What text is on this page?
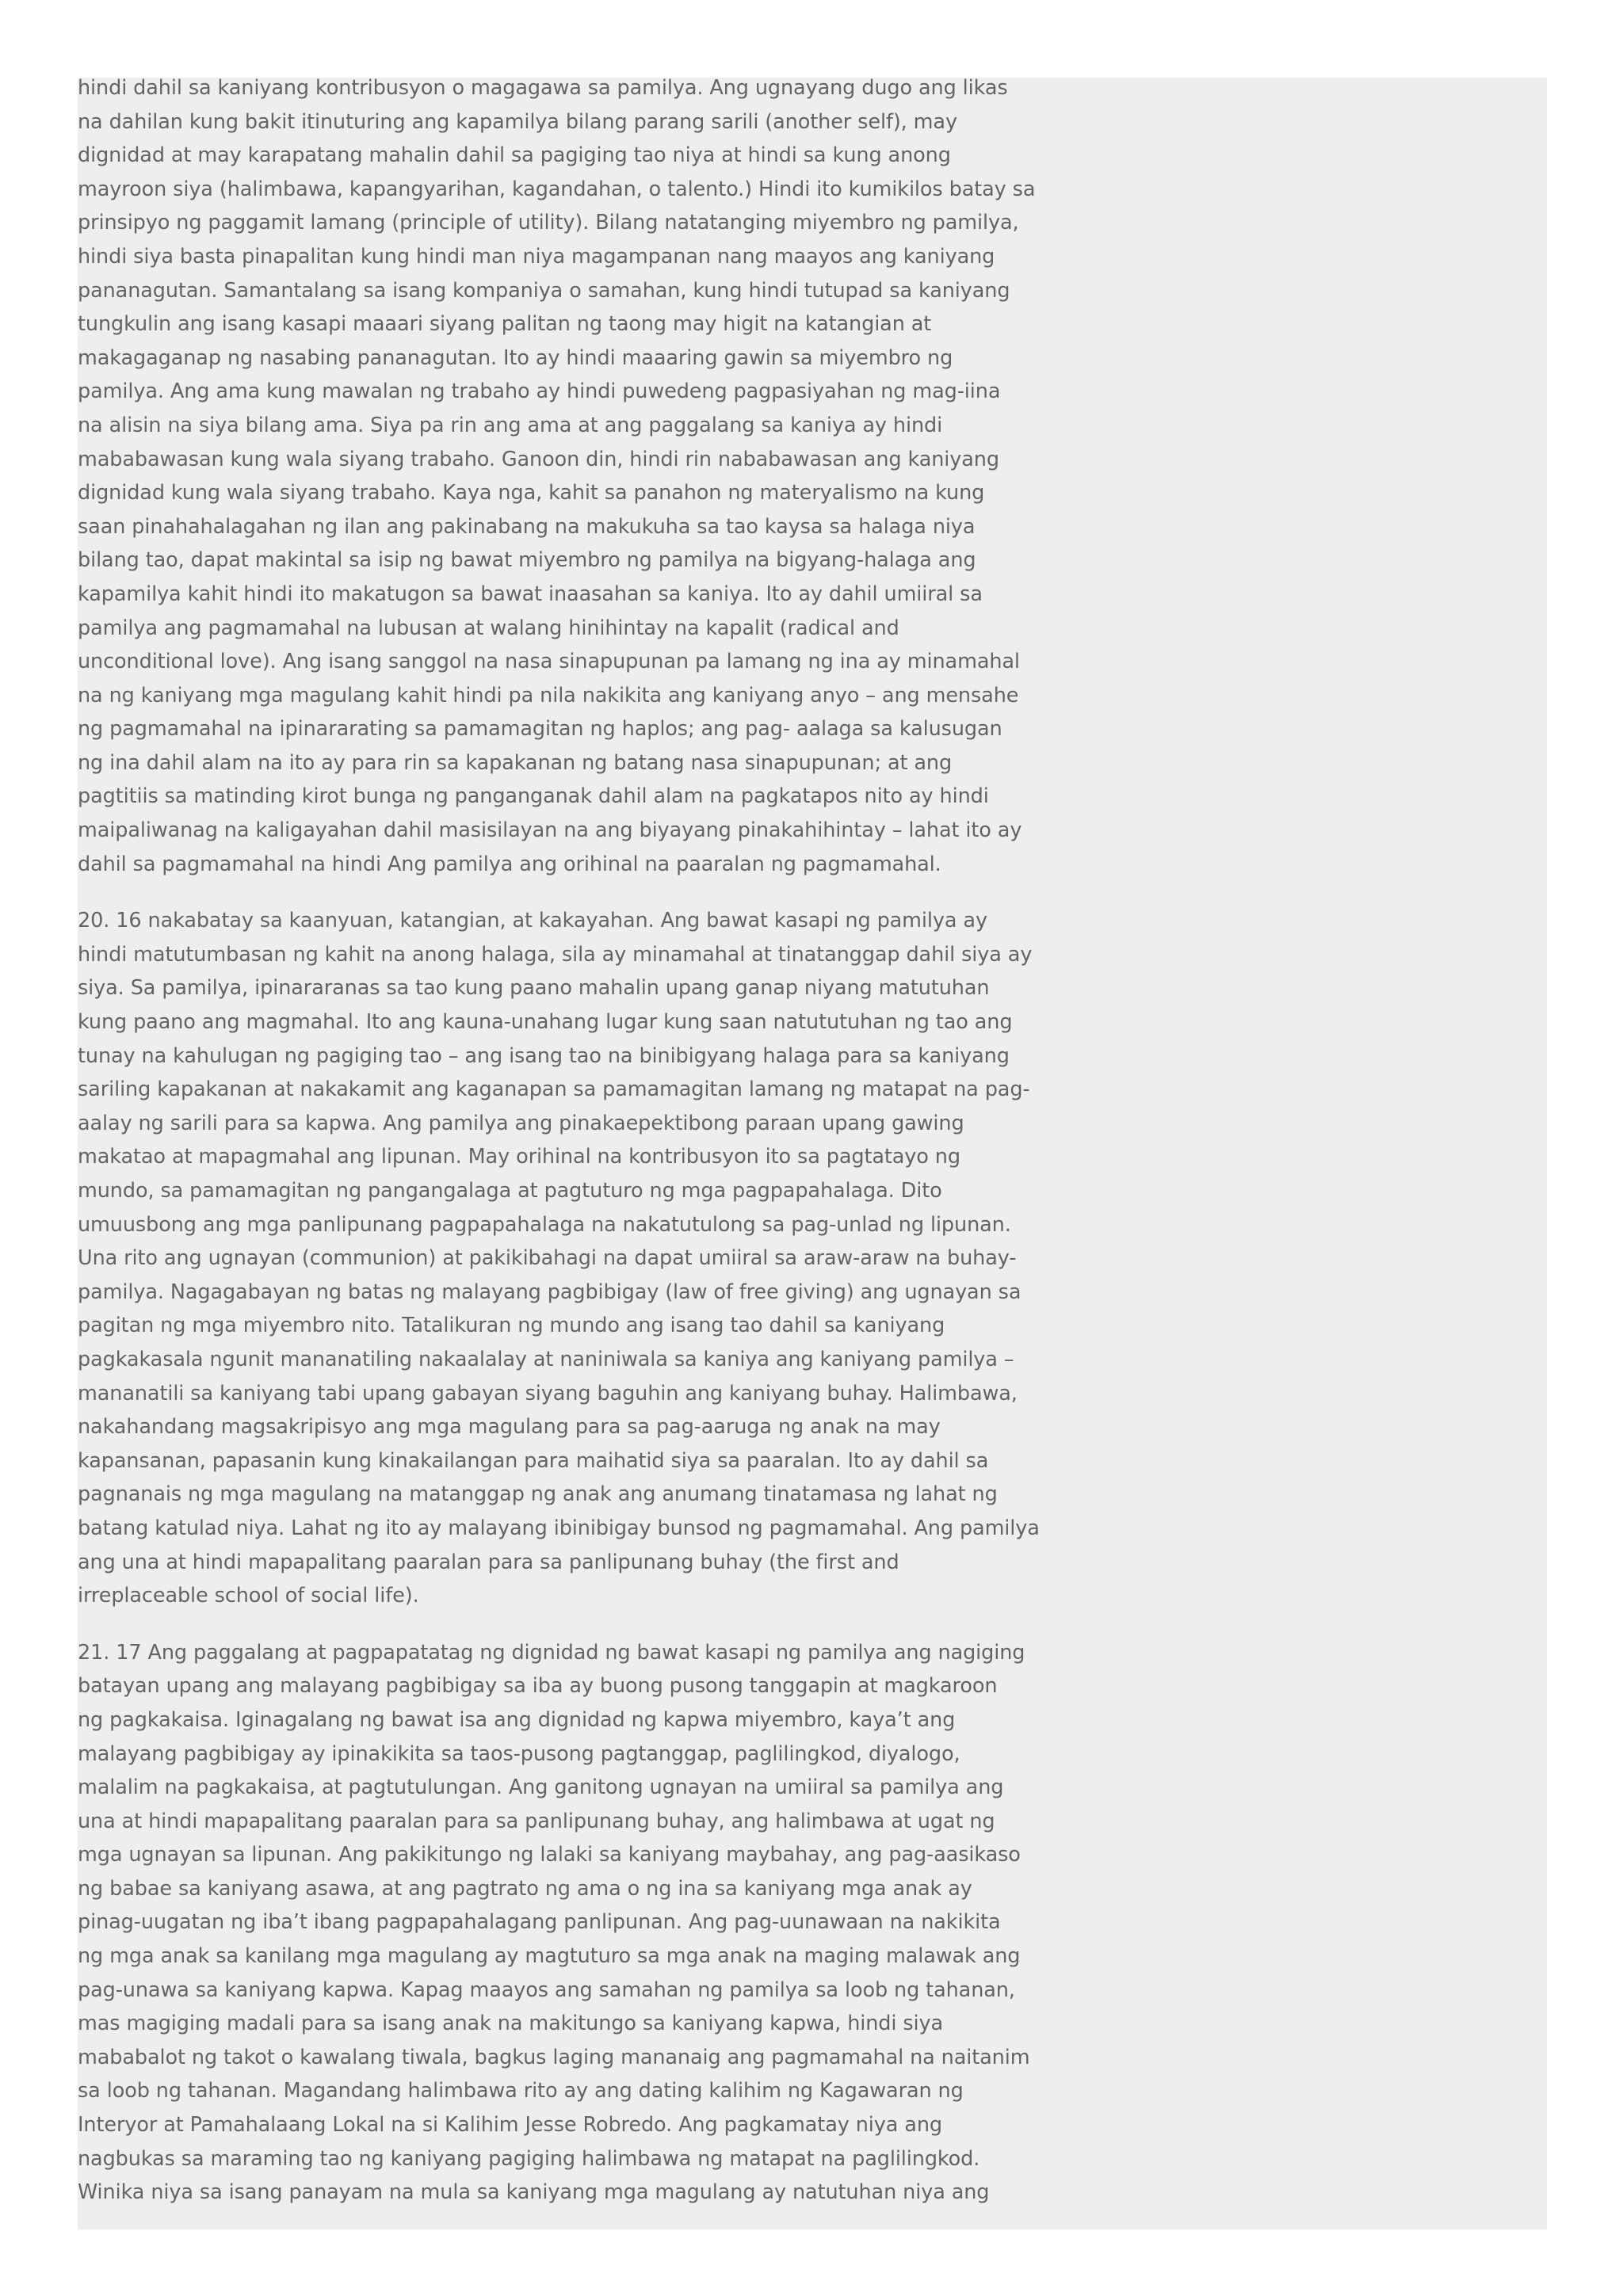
hindi dahil sa kaniyang kontribusyon o magagawa sa pamilya. Ang ugnayang dugo ang likas
na dahilan kung bakit itinuturing ang kapamilya bilang parang sarili (another self), may
dignidad at may karapatang mahalin dahil sa pagiging tao niya at hindi sa kung anong
mayroon siya (halimbawa, kapangyarihan, kagandahan, o talento.) Hindi ito kumikilos batay sa
prinsipyo ng paggamit lamang (principle of utility). Bilang natatanging miyembro ng pamilya,
hindi siya basta pinapalitan kung hindi man niya magampanan nang maayos ang kaniyang
pananagutan. Samantalang sa isang kompaniya o samahan, kung hindi tutupad sa kaniyang
tungkulin ang isang kasapi maaari siyang palitan ng taong may higit na katangian at
makagaganap ng nasabing pananagutan. Ito ay hindi maaaring gawin sa miyembro ng
pamilya. Ang ama kung mawalan ng trabaho ay hindi puwedeng pagpasiyahan ng mag-iina
na alisin na siya bilang ama. Siya pa rin ang ama at ang paggalang sa kaniya ay hindi
mababawasan kung wala siyang trabaho. Ganoon din, hindi rin nababawasan ang kaniyang
dignidad kung wala siyang trabaho. Kaya nga, kahit sa panahon ng materyalismo na kung
saan pinahahalagahan ng ilan ang pakinabang na makukuha sa tao kaysa sa halaga niya
bilang tao, dapat makintal sa isip ng bawat miyembro ng pamilya na bigyang-halaga ang
kapamilya kahit hindi ito makatugon sa bawat inaasahan sa kaniya. Ito ay dahil umiiral sa
pamilya ang pagmamahal na lubusan at walang hinihintay na kapalit (radical and
unconditional love). Ang isang sanggol na nasa sinapupunan pa lamang ng ina ay minamahal
na ng kaniyang mga magulang kahit hindi pa nila nakikita ang kaniyang anyo – ang mensahe
ng pagmamahal na ipinararating sa pamamagitan ng haplos; ang pag- aalaga sa kalusugan
ng ina dahil alam na ito ay para rin sa kapakanan ng batang nasa sinapupunan; at ang
pagtitiis sa matinding kirot bunga ng panganganak dahil alam na pagkatapos nito ay hindi
maipaliwanag na kaligayahan dahil masisilayan na ang biyayang pinakahihintay – lahat ito ay
dahil sa pagmamahal na hindi Ang pamilya ang orihinal na paaralan ng pagmamahal.

20. 16 nakabatay sa kaanyuan, katangian, at kakayahan. Ang bawat kasapi ng pamilya ay
hindi matutumbasan ng kahit na anong halaga, sila ay minamahal at tinatanggap dahil siya ay
siya. Sa pamilya, ipinararanas sa tao kung paano mahalin upang ganap niyang matutuhan
kung paano ang magmahal. Ito ang kauna-unahang lugar kung saan natututuhan ng tao ang
tunay na kahulugan ng pagiging tao – ang isang tao na binibigyang halaga para sa kaniyang
sariling kapakanan at nakakamit ang kaganapan sa pamamagitan lamang ng matapat na pag-
aalay ng sarili para sa kapwa. Ang pamilya ang pinakaepektibong paraan upang gawing
makatao at mapagmahal ang lipunan. May orihinal na kontribusyon ito sa pagtatayo ng
mundo, sa pamamagitan ng pangangalaga at pagtuturo ng mga pagpapahalaga. Dito
umuusbong ang mga panlipunang pagpapahalaga na nakatutulong sa pag-unlad ng lipunan.
Una rito ang ugnayan (communion) at pakikibahagi na dapat umiiral sa araw-araw na buhay-
pamilya. Nagagabayan ng batas ng malayang pagbibigay (law of free giving) ang ugnayan sa
pagitan ng mga miyembro nito. Tatalikuran ng mundo ang isang tao dahil sa kaniyang
pagkakasala ngunit mananatiling nakaalalay at naniniwala sa kaniya ang kaniyang pamilya –
mananatili sa kaniyang tabi upang gabayan siyang baguhin ang kaniyang buhay. Halimbawa,
nakahandang magsakripisyo ang mga magulang para sa pag-aaruga ng anak na may
kapansanan, papasanin kung kinakailangan para maihatid siya sa paaralan. Ito ay dahil sa
pagnanais ng mga magulang na matanggap ng anak ang anumang tinatamasa ng lahat ng
batang katulad niya. Lahat ng ito ay malayang ibinibigay bunsod ng pagmamahal. Ang pamilya
ang una at hindi mapapalitang paaralan para sa panlipunang buhay (the first and
irreplaceable school of social life).

21. 17 Ang paggalang at pagpapatatag ng dignidad ng bawat kasapi ng pamilya ang nagiging
batayan upang ang malayang pagbibigay sa iba ay buong pusong tanggapin at magkaroon
ng pagkakaisa. Iginagalang ng bawat isa ang dignidad ng kapwa miyembro, kaya’t ang
malayang pagbibigay ay ipinakikita sa taos-pusong pagtanggap, paglilingkod, diyalogo,
malalim na pagkakaisa, at pagtutulungan. Ang ganitong ugnayan na umiiral sa pamilya ang
una at hindi mapapalitang paaralan para sa panlipunang buhay, ang halimbawa at ugat ng
mga ugnayan sa lipunan. Ang pakikitungo ng lalaki sa kaniyang maybahay, ang pag-aasikaso
ng babae sa kaniyang asawa, at ang pagtrato ng ama o ng ina sa kaniyang mga anak ay
pinag-uugatan ng iba’t ibang pagpapahalagang panlipunan. Ang pag-uunawaan na nakikita
ng mga anak sa kanilang mga magulang ay magtuturo sa mga anak na maging malawak ang
pag-unawa sa kaniyang kapwa. Kapag maayos ang samahan ng pamilya sa loob ng tahanan,
mas magiging madali para sa isang anak na makitungo sa kaniyang kapwa, hindi siya
mababalot ng takot o kawalang tiwala, bagkus laging mananaig ang pagmamahal na naitanim
sa loob ng tahanan. Magandang halimbawa rito ay ang dating kalihim ng Kagawaran ng
Interyor at Pamahalaang Lokal na si Kalihim Jesse Robredo. Ang pagkamatay niya ang
nagbukas sa maraming tao ng kaniyang pagiging halimbawa ng matapat na paglilingkod.
Winika niya sa isang panayam na mula sa kaniyang mga magulang ay natutuhan niya ang
